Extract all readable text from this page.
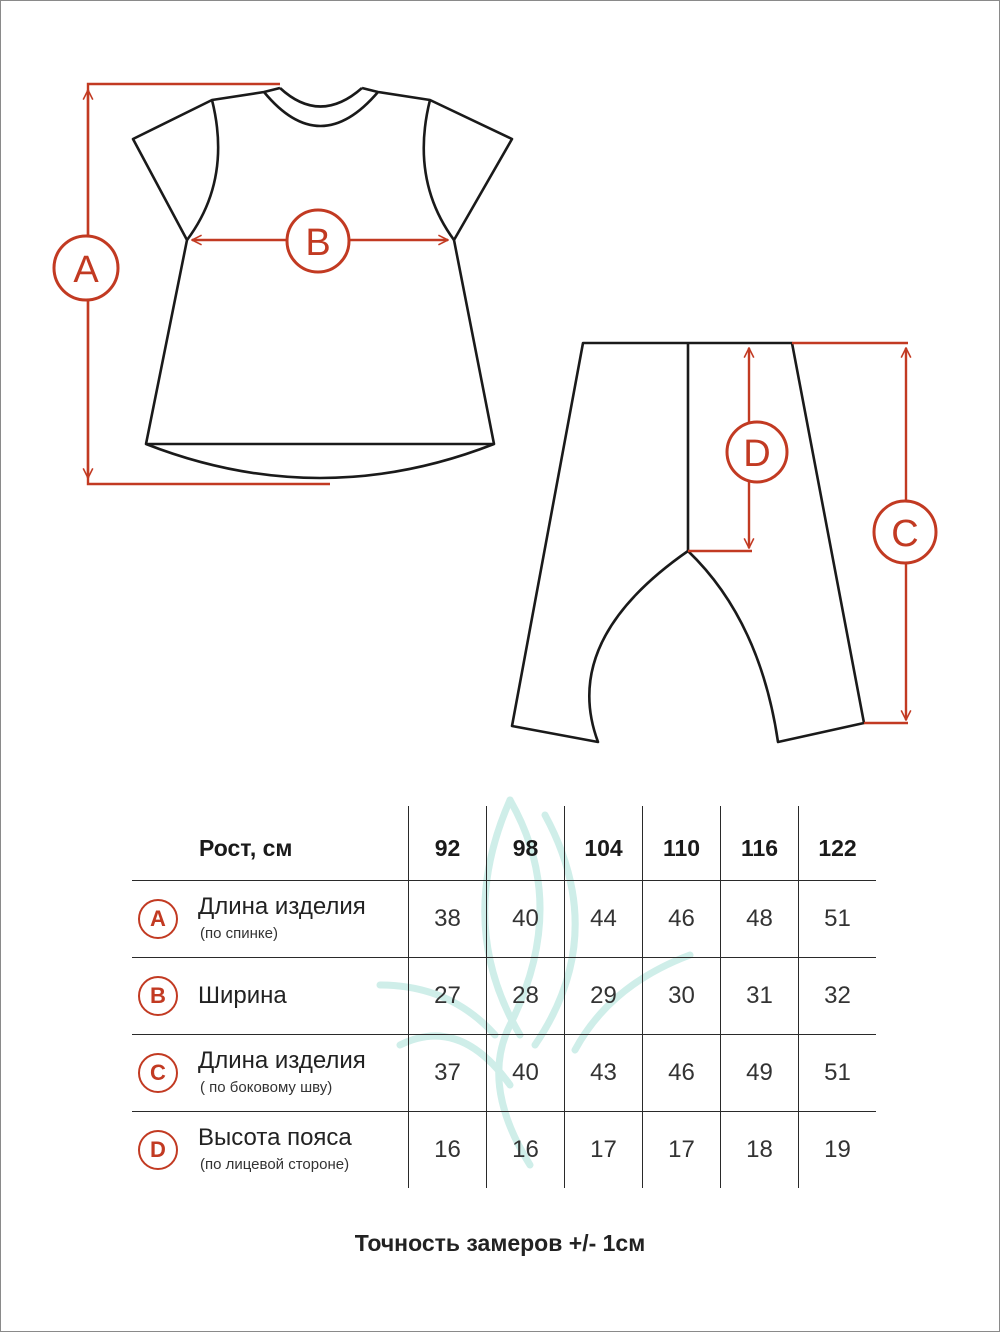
A
B
D
C
Рост, см	92	98	104	110	116	122

A Длина изделия
(по спинке)	38	40	44	46	48	51

B Ширина	27	28	29	30	31	32

C Длина изделия
( по боковому шву)	37	40	43	46	49	51

D Высота пояса
(по лицевой стороне)	16	16	17	17	18	19
Точность замеров +/- 1см
